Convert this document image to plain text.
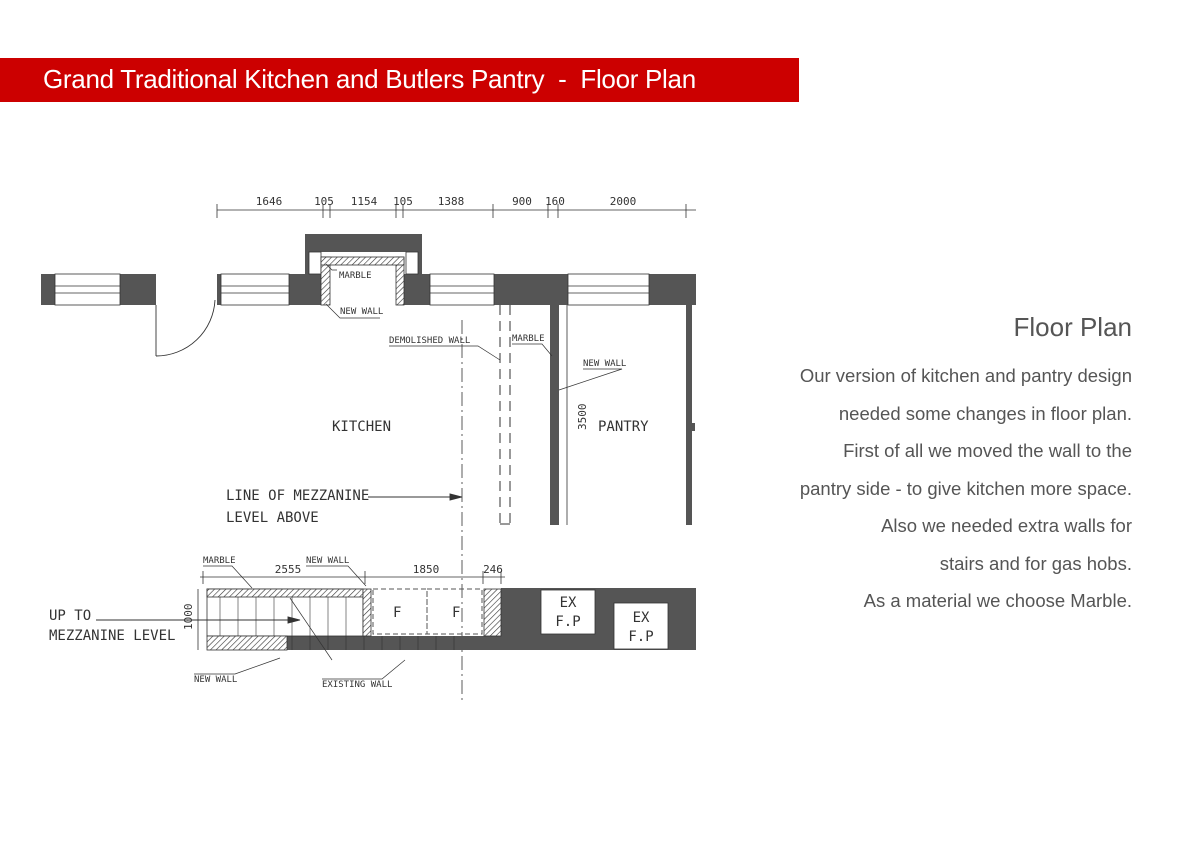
Grand Traditional Kitchen and Butlers Pantry  -  Floor Plan
1646	105 1154 105 1388	900 160	2000
3500
KITCHEN	PANTRY
MARBLE
NEW WALL
DEMOLISHED WALL	MARBLE
NEW WALL
LINE OF MEZZANINE
LEVEL ABOVE
2555	1850	246
F	F
EX
F.P	EX
F.P
1000
MARBLE	NEW WALL
NEW WALL	EXISTING WALL
UP TO
MEZZANINE LEVEL
Floor Plan
Our version of kitchen and pantry design
needed some changes in floor plan.
First of all we moved the wall to the
pantry side - to give kitchen more space.
Also we needed extra walls for
stairs and for gas hobs.
As a material we choose Marble.
